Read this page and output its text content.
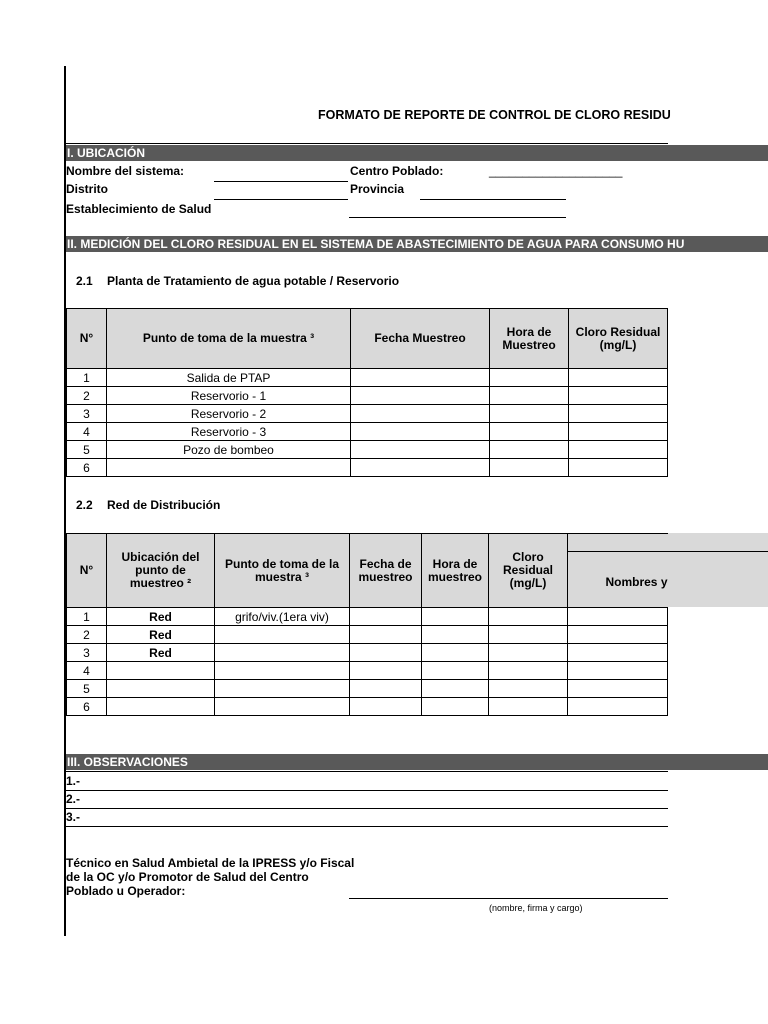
FORMATO DE REPORTE DE CONTROL DE CLORO RESIDU
I. UBICACIÓN
Nombre del sistema:	Centro Poblado:	____________________
Distrito	Provincia
Establecimiento de Salud
II. MEDICIÓN DEL CLORO RESIDUAL EN EL SISTEMA DE ABASTECIMIENTO DE AGUA PARA CONSUMO HU
2.1 Planta de Tratamiento de agua potable / Reservorio
N°	Punto de toma de la muestra ³	Fecha Muestreo	Hora de Muestreo	Cloro Residual (mg/L)
1	Salida de PTAP			
2	Reservorio - 1			
3	Reservorio - 2			
4	Reservorio - 3			
5	Pozo de bombeo			
6				
2.2 Red de Distribución
N°	Ubicación del punto de muestreo ²	Punto de toma de la muestra ³	Fecha de muestreo	Hora de muestreo	Cloro Residual (mg/L)	Nombres y
1	Red	grifo/viv.(1era viv)				
2	Red					
3	Red					
4						
5						
6						
III. OBSERVACIONES
1.-
2.-
3.-
Técnico en Salud Ambietal de la IPRESS y/o Fiscal de la OC y/o Promotor de Salud del Centro Poblado u Operador:
(nombre, firma y cargo)
